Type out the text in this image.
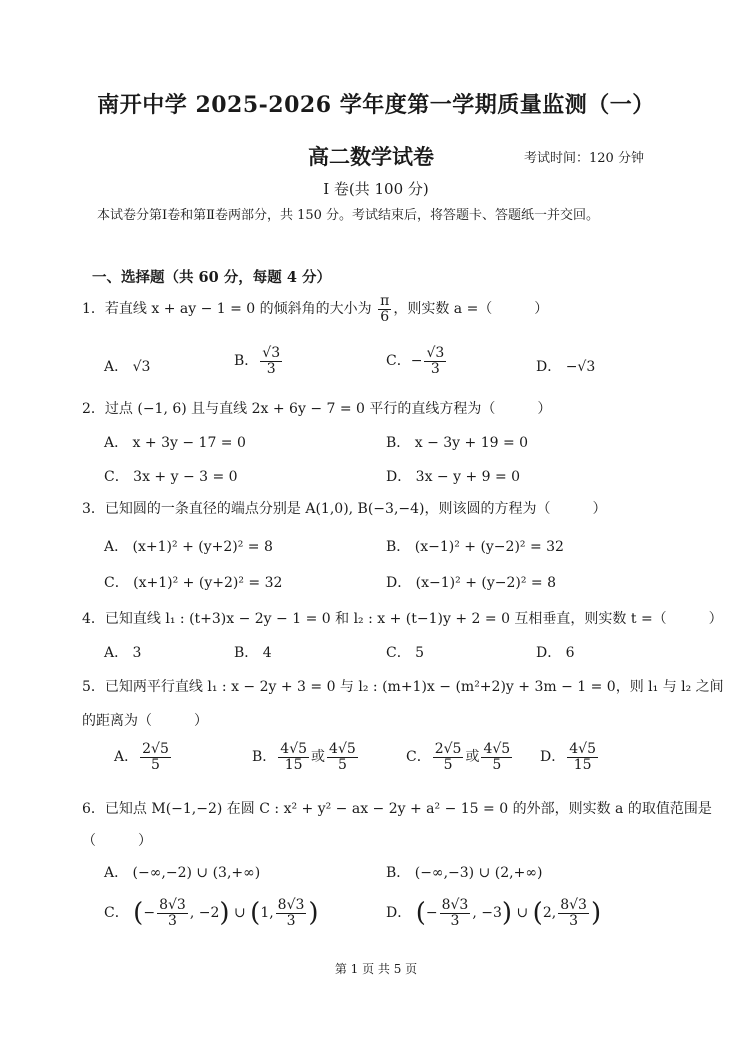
南开中学 2025-2026 学年度第一学期质量监测（一）
高二数学试卷	考试时间：120 分钟
I 卷(共 100 分)
本试卷分第Ⅰ卷和第Ⅱ卷两部分，共 150 分。考试结束后，将答题卡、答题纸一并交回。
一、选择题（共 60 分，每题 4 分）
1．若直线 x + ay − 1 = 0 的倾斜角的大小为 $\frac{\pi}{6}$ ，则实数 a =（　　　）
A． √3	B． $\frac{√3}{3}$	C．− $\frac{√3}{3}$	D． −√3
2．过点 (−1, 6) 且与直线 2x + 6y − 7 = 0 平行的直线方程为（　　　）
A． x + 3y − 17 = 0	B． x − 3y + 19 = 0
C． 3x + y − 3 = 0	D． 3x − y + 9 = 0
3．已知圆的一条直径的端点分别是 A(1,0), B(−3,−4)，则该圆的方程为（　　　）
A． (x+1)² + (y+2)² = 8	B． (x−1)² + (y−2)² = 32
C． (x+1)² + (y+2)² = 32	D． (x−1)² + (y−2)² = 8
4．已知直线 l₁ : (t+3)x − 2y − 1 = 0 和 l₂ : x + (t−1)y + 2 = 0 互相垂直，则实数 t =（　　　）
A． 3	B． 4	C． 5	D． 6
5．已知两平行直线 l₁ : x − 2y + 3 = 0 与 l₂ : (m+1)x − (m²+2)y + 3m − 1 = 0，则 l₁ 与 l₂ 之间
的距离为（　　　）
A． $\frac{2√5}{5}$	B． $\frac{4√5}{15}$ 或 $\frac{4√5}{5}$	C． $\frac{2√5}{5}$ 或 $\frac{4√5}{5}$ D． $\frac{4√5}{15}$
6．已知点 M(−1,−2) 在圆 C : x² + y² − ax − 2y + a² − 15 = 0 的外部，则实数 a 的取值范围是
（　　　）
A． (−∞,−2) ∪ (3,+∞)	B． (−∞,−3) ∪ (2,+∞)
C． (− $\frac{8√3}{3}$ , −2) ∪ (1, $\frac{8√3}{3}$ )	D． (− $\frac{8√3}{3}$ , −3) ∪ (2, $\frac{8√3}{3}$ )
第 1 页 共 5 页
